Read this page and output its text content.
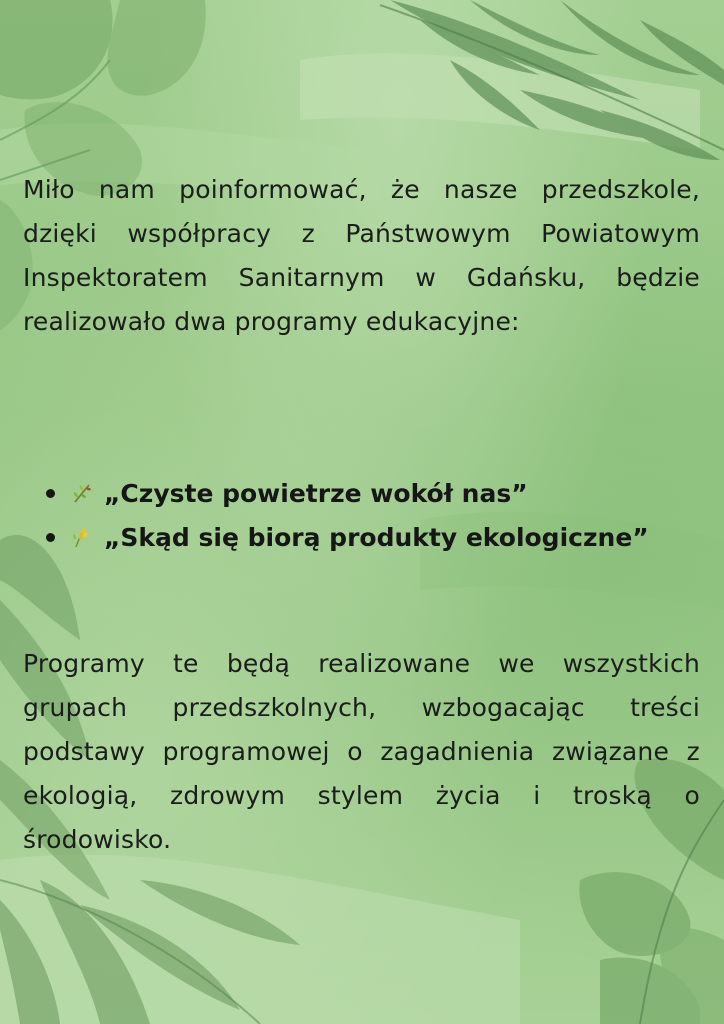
Miło nam poinformować, że nasze przedszkole, dzięki współpracy z Państwowym Powiatowym Inspektoratem Sanitarnym w Gdańsku, będzie realizowało dwa programy edukacyjne:

„Czyste powietrze wokół nas”
„Skąd się biorą produkty ekologiczne”

Programy te będą realizowane we wszystkich grupach przedszkolnych, wzbogacając treści podstawy programowej o zagadnienia związane z ekologią, zdrowym stylem życia i troską o środowisko.
